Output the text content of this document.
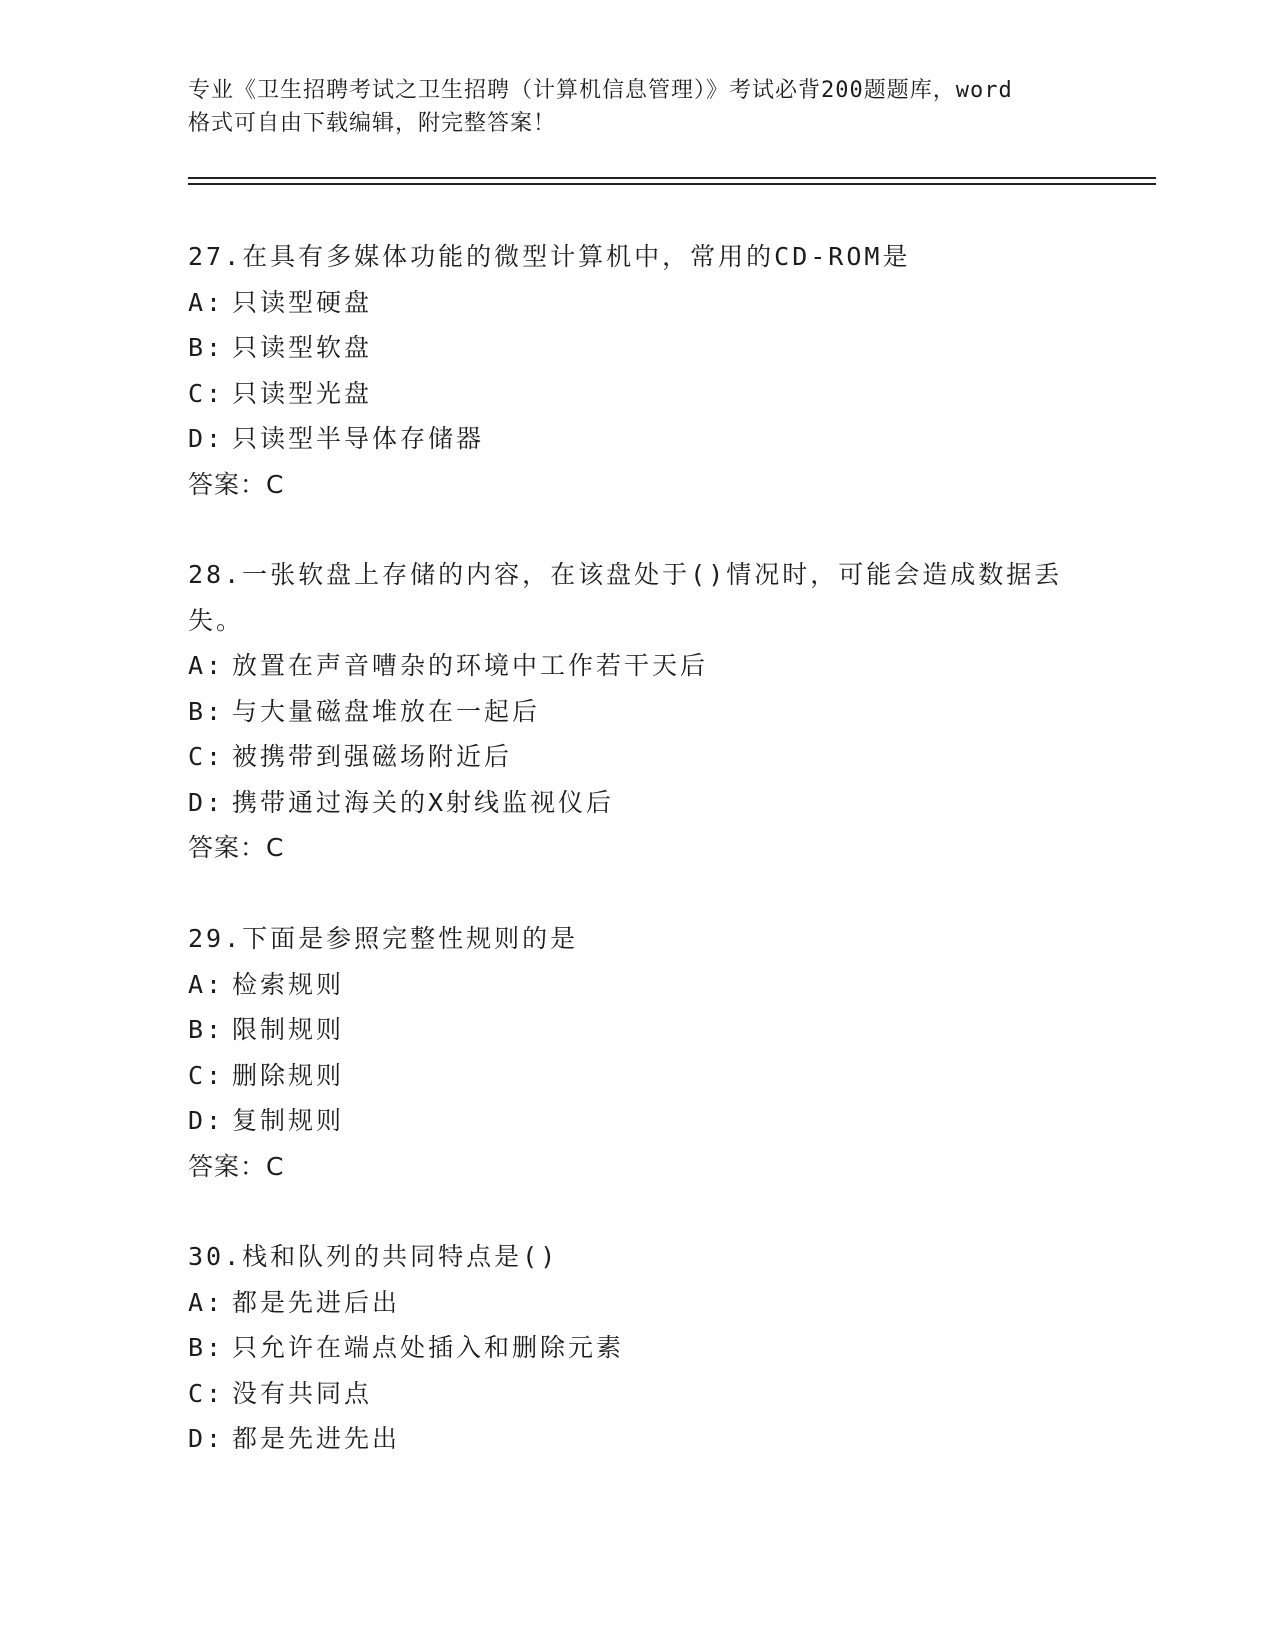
专业《卫生招聘考试之卫生招聘（计算机信息管理）》考试必背200题题库，word
格式可自由下载编辑，附完整答案！
27.在具有多媒体功能的微型计算机中，常用的CD-ROM是
A: 只读型硬盘
B: 只读型软盘
C: 只读型光盘
D: 只读型半导体存储器
答案：C
28.一张软盘上存储的内容，在该盘处于()情况时，可能会造成数据丢
失。
A: 放置在声音嘈杂的环境中工作若干天后
B: 与大量磁盘堆放在一起后
C: 被携带到强磁场附近后
D: 携带通过海关的X射线监视仪后
答案：C
29.下面是参照完整性规则的是
A: 检索规则
B: 限制规则
C: 删除规则
D: 复制规则
答案：C
30.栈和队列的共同特点是()
A: 都是先进后出
B: 只允许在端点处插入和删除元素
C: 没有共同点
D: 都是先进先出
